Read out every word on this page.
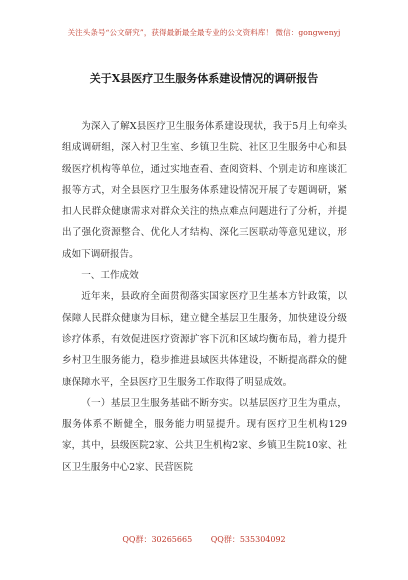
关注头条号“公文研究”，获得最新最全最专业的公文资料库！ 微信：gongwenyj
关于X县医疗卫生服务体系建设情况的调研报告

为深入了解X县医疗卫生服务体系建设现状，我于5月上旬牵头组成调研组，深入村卫生室、乡镇卫生院、社区卫生服务中心和县级医疗机构等单位，通过实地查看、查阅资料、个别走访和座谈汇报等方式，对全县医疗卫生服务体系建设情况开展了专题调研，紧扣人民群众健康需求对群众关注的热点难点问题进行了分析，并提出了强化资源整合、优化人才结构、深化三医联动等意见建议，形成如下调研报告。

一、工作成效

近年来，县政府全面贯彻落实国家医疗卫生基本方针政策，以保障人民群众健康为目标，建立健全基层卫生服务，加快建设分级诊疗体系，有效促进医疗资源扩容下沉和区域均衡布局，着力提升乡村卫生服务能力，稳步推进县域医共体建设，不断提高群众的健康保障水平，全县医疗卫生服务工作取得了明显成效。

（一）基层卫生服务基础不断夯实。以基层医疗卫生为重点，服务体系不断健全，服务能力明显提升。现有医疗卫生机构129家，其中，县级医院2家、公共卫生机构2家、乡镇卫生院10家、社区卫生服务中心2家、民营医院

QQ群：30265665 QQ群：535304092
